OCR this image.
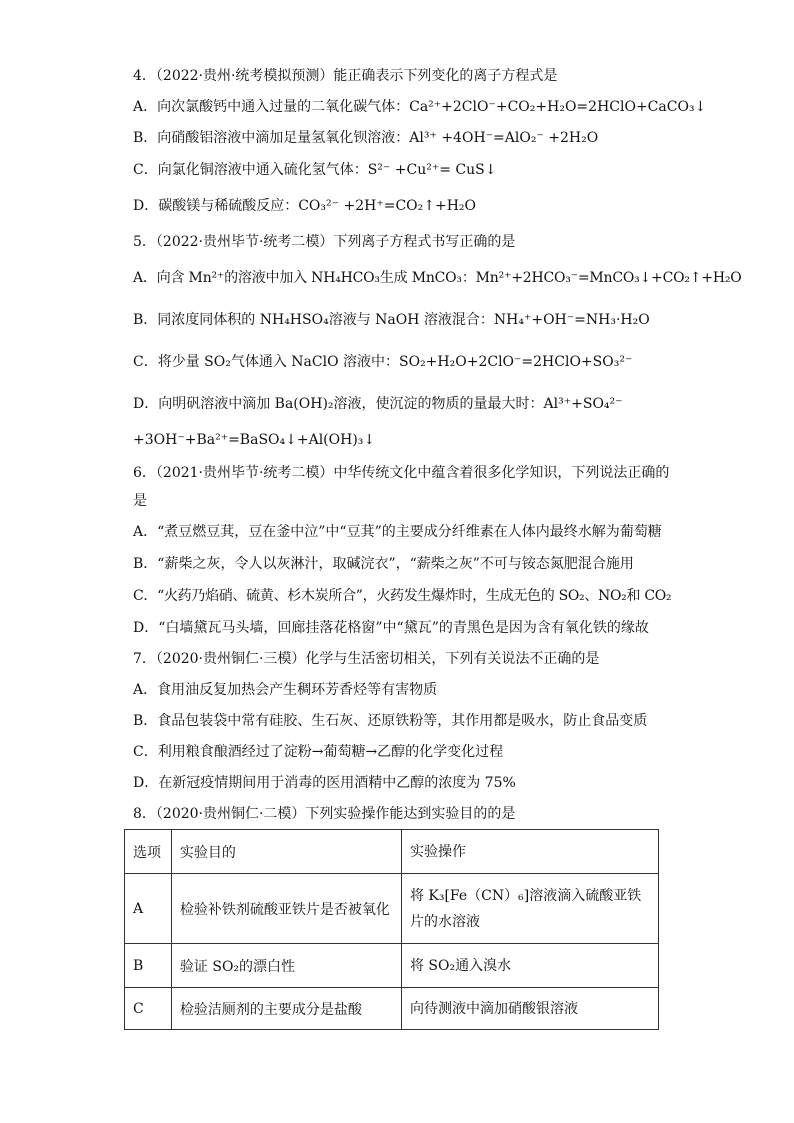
4．（2022·贵州·统考模拟预测）能正确表示下列变化的离子方程式是
A．向次氯酸钙中通入过量的二氧化碳气体：Ca²⁺+2ClO⁻+CO₂+H₂O=2HClO+CaCO₃↓
B．向硝酸铝溶液中滴加足量氢氧化钡溶液：Al³⁺ +4OH⁻=AlO₂⁻ +2H₂O
C．向氯化铜溶液中通入硫化氢气体：S²⁻ +Cu²⁺= CuS↓
D．碳酸镁与稀硫酸反应：CO₃²⁻ +2H⁺=CO₂↑+H₂O
5．（2022·贵州毕节·统考二模）下列离子方程式书写正确的是
A．向含 Mn²⁺的溶液中加入 NH₄HCO₃生成 MnCO₃：Mn²⁺+2HCO₃⁻=MnCO₃↓+CO₂↑+H₂O
B．同浓度同体积的 NH₄HSO₄溶液与 NaOH 溶液混合：NH₄⁺+OH⁻=NH₃·H₂O
C．将少量 SO₂气体通入 NaClO 溶液中：SO₂+H₂O+2ClO⁻=2HClO+SO₃²⁻
D．向明矾溶液中滴加 Ba(OH)₂溶液，使沉淀的物质的量最大时：Al³⁺+SO₄²⁻
+3OH⁻+Ba²⁺=BaSO₄↓+Al(OH)₃↓
6．（2021·贵州毕节·统考二模）中华传统文化中蕴含着很多化学知识，下列说法正确的
是
A．“煮豆燃豆萁，豆在釜中泣”中“豆萁”的主要成分纤维素在人体内最终水解为葡萄糖
B．“薪柴之灰，令人以灰淋汁，取碱浣衣”，“薪柴之灰”不可与铵态氮肥混合施用
C．“火药乃焰硝、硫黄、杉木炭所合”，火药发生爆炸时，生成无色的 SO₂、NO₂和 CO₂
D．“白墙黛瓦马头墙，回廊挂落花格窗”中“黛瓦”的青黑色是因为含有氧化铁的缘故
7．（2020·贵州铜仁·三模）化学与生活密切相关，下列有关说法不正确的是
A．食用油反复加热会产生稠环芳香烃等有害物质
B．食品包装袋中常有硅胶、生石灰、还原铁粉等，其作用都是吸水，防止食品变质
C．利用粮食酿酒经过了淀粉→葡萄糖→乙醇的化学变化过程
D．在新冠疫情期间用于消毒的医用酒精中乙醇的浓度为 75%
8．（2020·贵州铜仁·二模）下列实验操作能达到实验目的的是
选项	实验目的	实验操作
A	检验补铁剂硫酸亚铁片是否被氧化	将 K₃[Fe（CN）₆]溶液滴入硫酸亚铁片的水溶液
B	验证 SO₂的漂白性	将 SO₂通入溴水
C	检验洁厕剂的主要成分是盐酸	向待测液中滴加硝酸银溶液
